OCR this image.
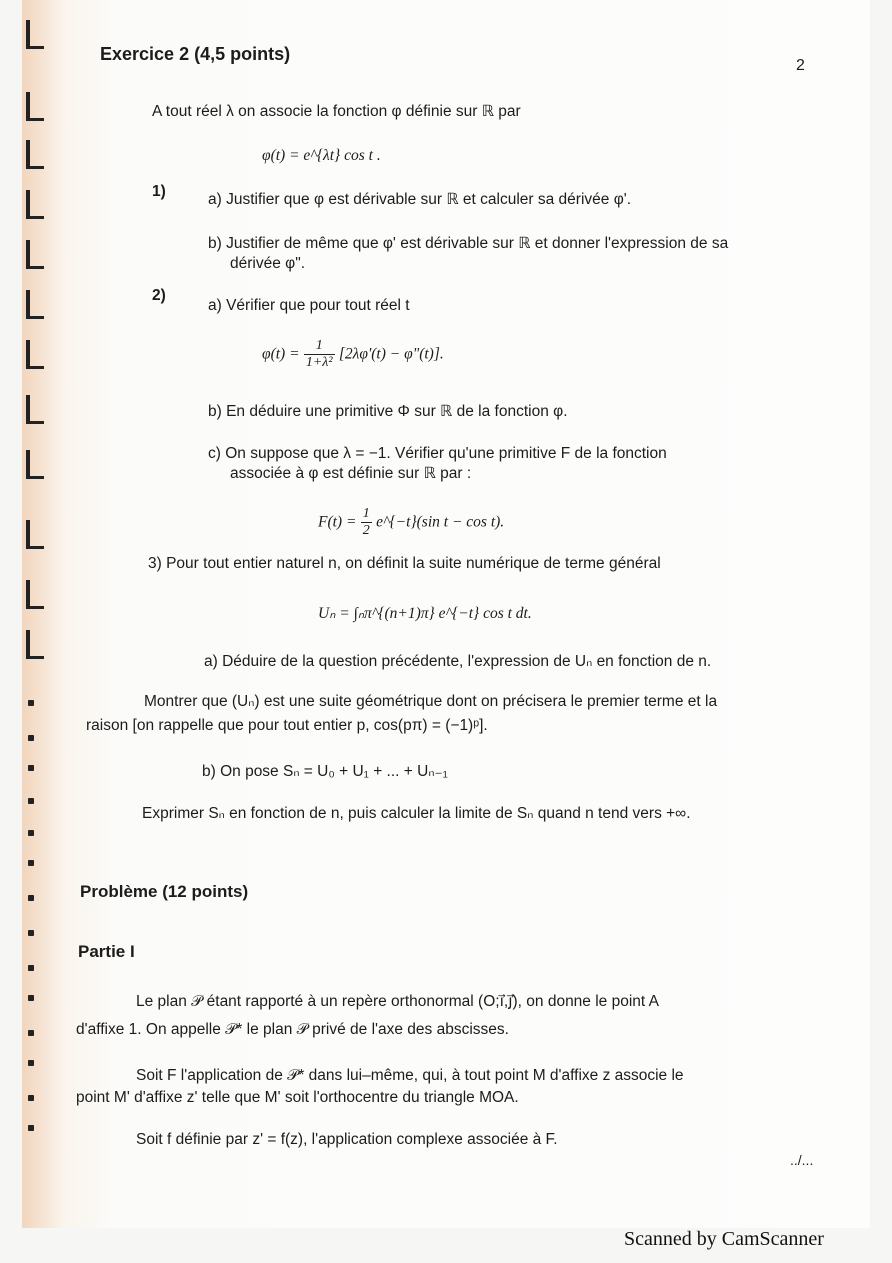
Exercice 2 (4,5 points)
2
A tout réel λ on associe la fonction φ définie sur ℝ par
φ(t) = e^{λt} cos t .
1)	a) Justifier que φ est dérivable sur ℝ et calculer sa dérivée φ'.
b) Justifier de même que φ' est dérivable sur ℝ et donner l'expression de sa
dérivée φ".
2)
a) Vérifier que pour tout réel t
$\varphi(t) = \frac{1}{\text{1+λ²}} [2\lambda\varphi'(t)$ − φ"(t)].
b) En déduire une primitive Φ sur ℝ de la fonction φ.
c) On suppose que λ = −1. Vérifier qu'une primitive F de la fonction
associée à φ est définie sur ℝ par :
$F(t) = \frac{1}{2}$ e^{−t}(sin t − cos t).
3) Pour tout entier naturel n, on définit la suite numérique de terme général
Uₙ = ∫ₙπ^{(n+1)π} e^{−t} cos t dt.
a) Déduire de la question précédente, l'expression de Uₙ en fonction de n.
Montrer que (Uₙ) est une suite géométrique dont on précisera le premier terme et la
raison [on rappelle que pour tout entier p, cos(pπ) = (−1)ᵖ].
b) On pose Sₙ = U₀ + U₁ + ... + Uₙ₋₁
Exprimer Sₙ en fonction de n, puis calculer la limite de Sₙ quand n tend vers +∞.
Problème (12 points)
Partie I
Le plan 𝒫 étant rapporté à un repère orthonormal (O;i⃗,j⃗), on donne le point A
d'affixe 1. On appelle 𝒫* le plan 𝒫 privé de l'axe des abscisses.
Soit F l'application de 𝒫* dans lui–même, qui, à tout point M d'affixe z associe le
point M' d'affixe z' telle que M' soit l'orthocentre du triangle MOA.
Soit f définie par z' = f(z), l'application complexe associée à F.
../...
Scanned by CamScanner
